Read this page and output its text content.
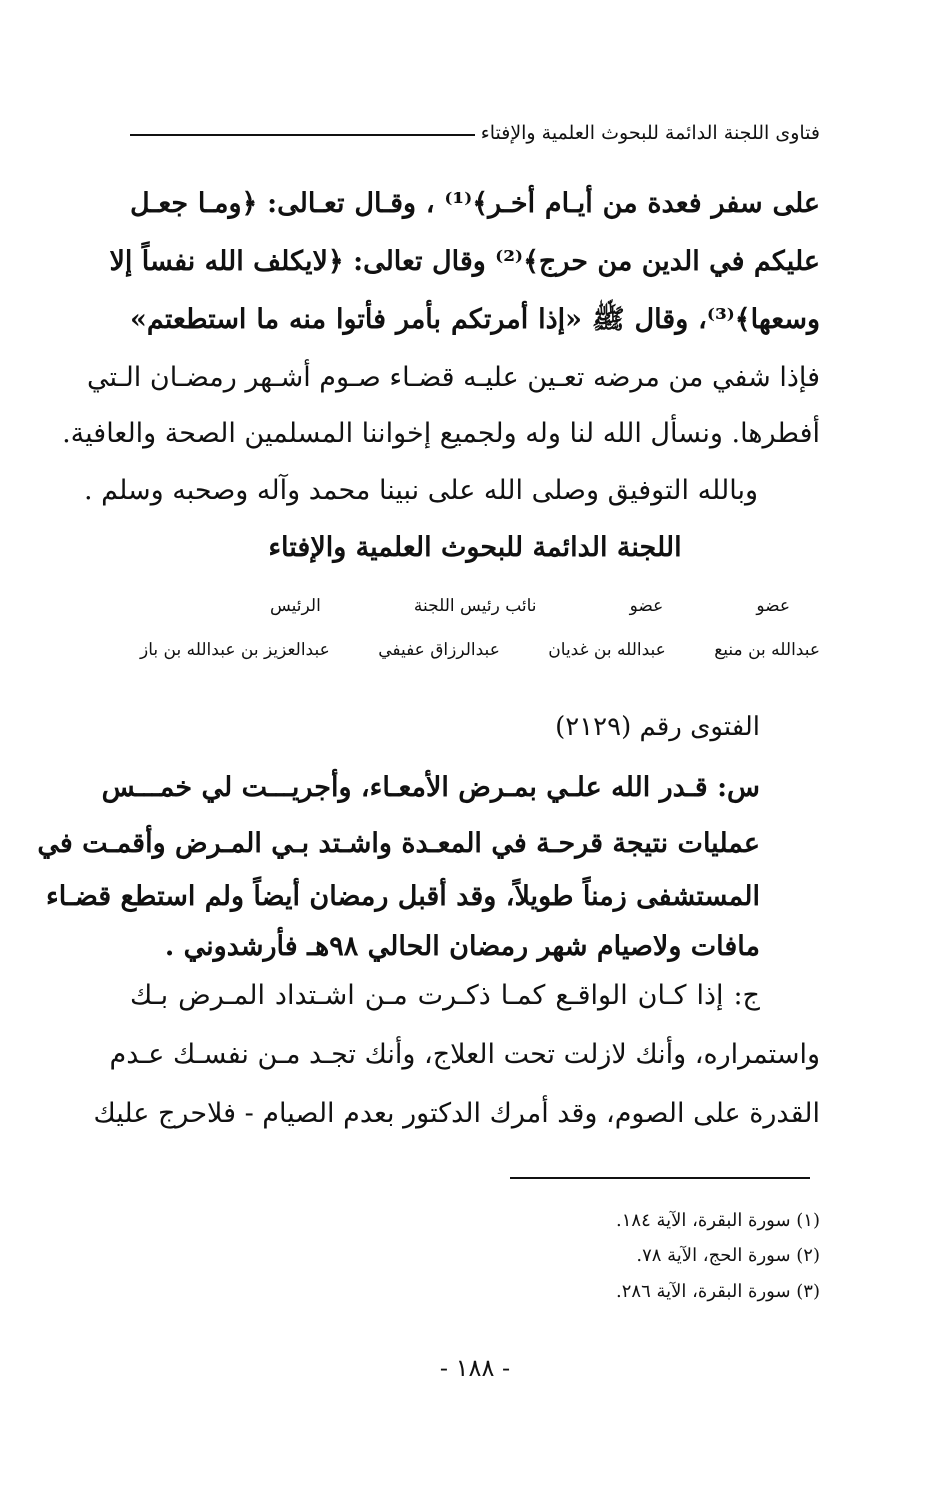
فتاوى اللجنة الدائمة للبحوث العلمية والإفتاء

على سفر فعدة من أيـام أخـر﴾⁽¹⁾ ، وقـال تعـالى: ﴿ومـا جعـل

عليكم في الدين من حرج﴾⁽²⁾ وقال تعالى: ﴿لايكلف الله نفساً إلا

وسعها﴾⁽³⁾، وقال ﷺ «إذا أمرتكم بأمر فأتوا منه ما استطعتم»

فإذا شفي من مرضه تعـين عليـه قضـاء صـوم أشـهر رمضـان الـتي

أفطرها. ونسأل الله لنا وله ولجميع إخواننا المسلمين الصحة والعافية.

وبالله التوفيق وصلى الله على نبينا محمد وآله وصحبه وسلم .

اللجنة الدائمة للبحوث العلمية والإفتاء
عضو
عضو
نائب رئيس اللجنة
الرئيس
عبدالله بن منيع
عبدالله بن غديان
عبدالرزاق عفيفي
عبدالعزيز بن عبدالله بن باز
الفتوى رقم (٢١٢٩)

س: قـدر الله علـي بمـرض الأمعـاء، وأجريـــت لي خمـــس

عمليات نتيجة قرحـة في المعـدة واشـتد بـي المـرض وأقمـت في

المستشفى زمناً طويلاً، وقد أقبل رمضان أيضاً ولم استطع قضـاء

مافات ولاصيام شهر رمضان الحالي ٩٨هـ فأرشدوني .

ج: إذا كـان الواقـع كمـا ذكـرت مـن اشـتداد المـرض بـك

واستمراره، وأنك لازلت تحت العلاج، وأنك تجـد مـن نفسـك عـدم

القدرة على الصوم، وقد أمرك الدكتور بعدم الصيام - فلاحرج عليك

(١) سورة البقرة، الآية ١٨٤.
(٢) سورة الحج، الآية ٧٨.
(٣) سورة البقرة، الآية ٢٨٦.
- ١٨٨ -
